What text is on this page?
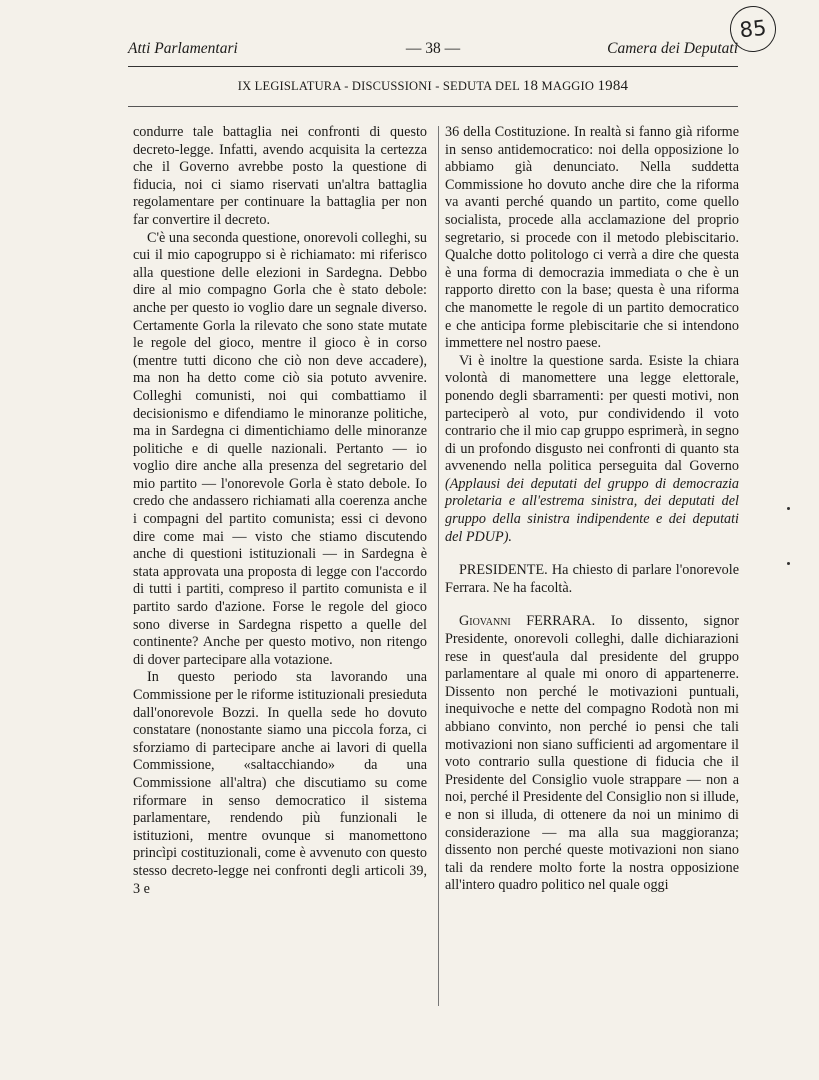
Atti Parlamentari	— 38 —	Camera dei Deputati
85
IX LEGISLATURA - DISCUSSIONI - SEDUTA DEL 18 MAGGIO 1984

condurre tale battaglia nei confronti di questo decreto-legge. Infatti, avendo acquisita la certezza che il Governo avrebbe posto la questione di fiducia, noi ci siamo riservati un'altra battaglia regolamentare per continuare la battaglia per non far convertire il decreto.

C'è una seconda questione, onorevoli colleghi, su cui il mio capogruppo si è richiamato: mi riferisco alla questione delle elezioni in Sardegna. Debbo dire al mio compagno Gorla che è stato debole: anche per questo io voglio dare un segnale diverso. Certamente Gorla la rilevato che sono state mutate le regole del gioco, mentre il gioco è in corso (mentre tutti dicono che ciò non deve accadere), ma non ha detto come ciò sia potuto avvenire. Colleghi comunisti, noi qui combattiamo il decisionismo e difendiamo le minoranze politiche, ma in Sardegna ci dimentichiamo delle minoranze politiche e di quelle nazionali. Pertanto — io voglio dire anche alla presenza del segretario del mio partito — l'onorevole Gorla è stato debole. Io credo che andassero richiamati alla coerenza anche i compagni del partito comunista; essi ci devono dire come mai — visto che stiamo discutendo anche di questioni istituzionali — in Sardegna è stata approvata una proposta di legge con l'accordo di tutti i partiti, compreso il partito comunista e il partito sardo d'azione. Forse le regole del gioco sono diverse in Sardegna rispetto a quelle del continente? Anche per questo motivo, non ritengo di dover partecipare alla votazione.

In questo periodo sta lavorando una Commissione per le riforme istituzionali presieduta dall'onorevole Bozzi. In quella sede ho dovuto constatare (nonostante siamo una piccola forza, ci sforziamo di partecipare anche ai lavori di quella Commissione, «saltacchiando» da una Commissione all'altra) che discutiamo su come riformare in senso democratico il sistema parlamentare, rendendo più funzionali le istituzioni, mentre ovunque si manomettono princìpi costituzionali, come è avvenuto con questo stesso decreto-legge nei confronti degli articoli 39, 3 e

36 della Costituzione. In realtà si fanno già riforme in senso antidemocratico: noi della opposizione lo abbiamo già denunciato. Nella suddetta Commissione ho dovuto anche dire che la riforma va avanti perché quando un partito, come quello socialista, procede alla acclamazione del proprio segretario, si procede con il metodo plebiscitario. Qualche dotto politologo ci verrà a dire che questa è una forma di democrazia immediata o che è un rapporto diretto con la base; questa è una riforma che manomette le regole di un partito democratico e che anticipa forme plebiscitarie che si intendono immettere nel nostro paese.

Vi è inoltre la questione sarda. Esiste la chiara volontà di manomettere una legge elettorale, ponendo degli sbarramenti: per questi motivi, non parteciperò al voto, pur condividendo il voto contrario che il mio cap gruppo esprimerà, in segno di un profondo disgusto nei confronti di quanto sta avvenendo nella politica perseguita dal Governo (Applausi dei deputati del gruppo di democrazia proletaria e all'estrema sinistra, dei deputati del gruppo della sinistra indipendente e dei deputati del PDUP).

PRESIDENTE. Ha chiesto di parlare l'onorevole Ferrara. Ne ha facoltà.

Giovanni FERRARA. Io dissento, signor Presidente, onorevoli colleghi, dalle dichiarazioni rese in quest'aula dal presidente del gruppo parlamentare al quale mi onoro di appartenerre. Dissento non perché le motivazioni puntuali, inequivoche e nette del compagno Rodotà non mi abbiano convinto, non perché io pensi che tali motivazioni non siano sufficienti ad argomentare il voto contrario sulla questione di fiducia che il Presidente del Consiglio vuole strappare — non a noi, perché il Presidente del Consiglio non si illude, e non si illuda, di ottenere da noi un minimo di considerazione — ma alla sua maggioranza; dissento non perché queste motivazioni non siano tali da rendere molto forte la nostra opposizione all'intero quadro politico nel quale oggi
